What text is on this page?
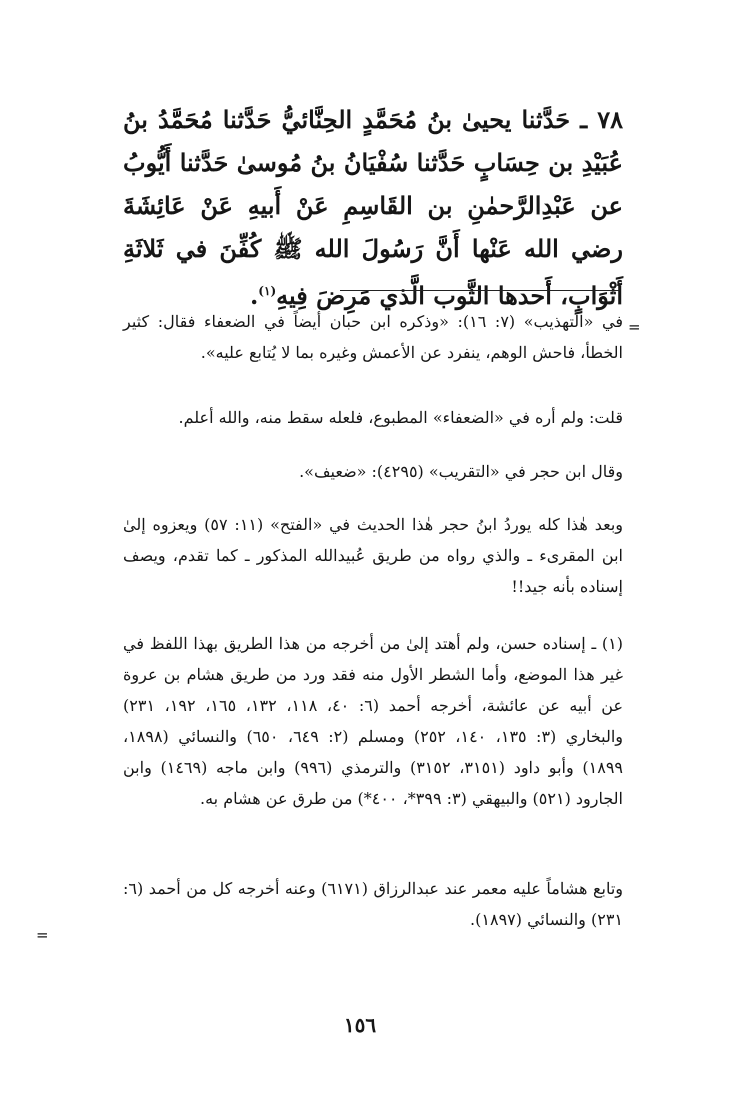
٧٨ ـ حَدَّثنا يحيىٰ بنُ مُحَمَّدٍ الحِنَّائيُّ حَدَّثنا مُحَمَّدُ بنُ عُبَيْدِ بن حِسَابٍ حَدَّثنا سُفْيَانُ بنُ مُوسىٰ حَدَّثنا أَيُّوبُ عن عَبْدِالرَّحمٰنِ بن القَاسِمِ عَنْ أَبيهِ عَنْ عَائِشَةَ رضي الله عَنْها أَنَّ رَسُولَ الله ﷺ كُفِّنَ في ثَلاثَةِ أَثْوَابٍ، أَحدها الثَّوب الَّذي مَرِضَ فِيهِ$^{(١)}$.
=
في «التهذيب» (٧: ١٦): «وذكره ابن حبان أيضاً في الضعفاء فقال: كثير الخطأ، فاحش الوهم، ينفرد عن الأعمش وغيره بما لا يُتابع عليه».
قلت: ولم أره في «الضعفاء» المطبوع، فلعله سقط منه، والله أعلم.
وقال ابن حجر في «التقريب» (٤٢٩٥): «ضعيف».
وبعد هٰذا كله يوردُ ابنُ حجر هٰذا الحديث في «الفتح» (١١: ٥٧) ويعزوه إلىٰ ابن المقرىء ـ والذي رواه من طريق عُبيدالله المذكور ـ كما تقدم، ويصف إسناده بأنه جيد!!
(١) ـ إسناده حسن، ولم أهتد إلىٰ من أخرجه من هذا الطريق بهذا اللفظ في غير هذا الموضع، وأما الشطر الأول منه فقد ورد من طريق هشام بن عروة عن أبيه عن عائشة، أخرجه أحمد (٦: ٤٠، ١١٨، ١٣٢، ١٦٥، ١٩٢، ٢٣١) والبخاري (٣: ١٣٥، ١٤٠، ٢٥٢) ومسلم (٢: ٦٤٩، ٦٥٠) والنسائي (١٨٩٨، ١٨٩٩) وأبو داود (٣١٥١، ٣١٥٢) والترمذي (٩٩٦) وابن ماجه (١٤٦٩) وابن الجارود (٥٢١) والبيهقي (٣: ٣٩٩*، ٤٠٠*) من طرق عن هشام به.
وتابع هشاماً عليه معمر عند عبدالرزاق (٦١٧١) وعنه أخرجه كل من أحمد (٦: ٢٣١) والنسائي (١٨٩٧).
=
١٥٦
